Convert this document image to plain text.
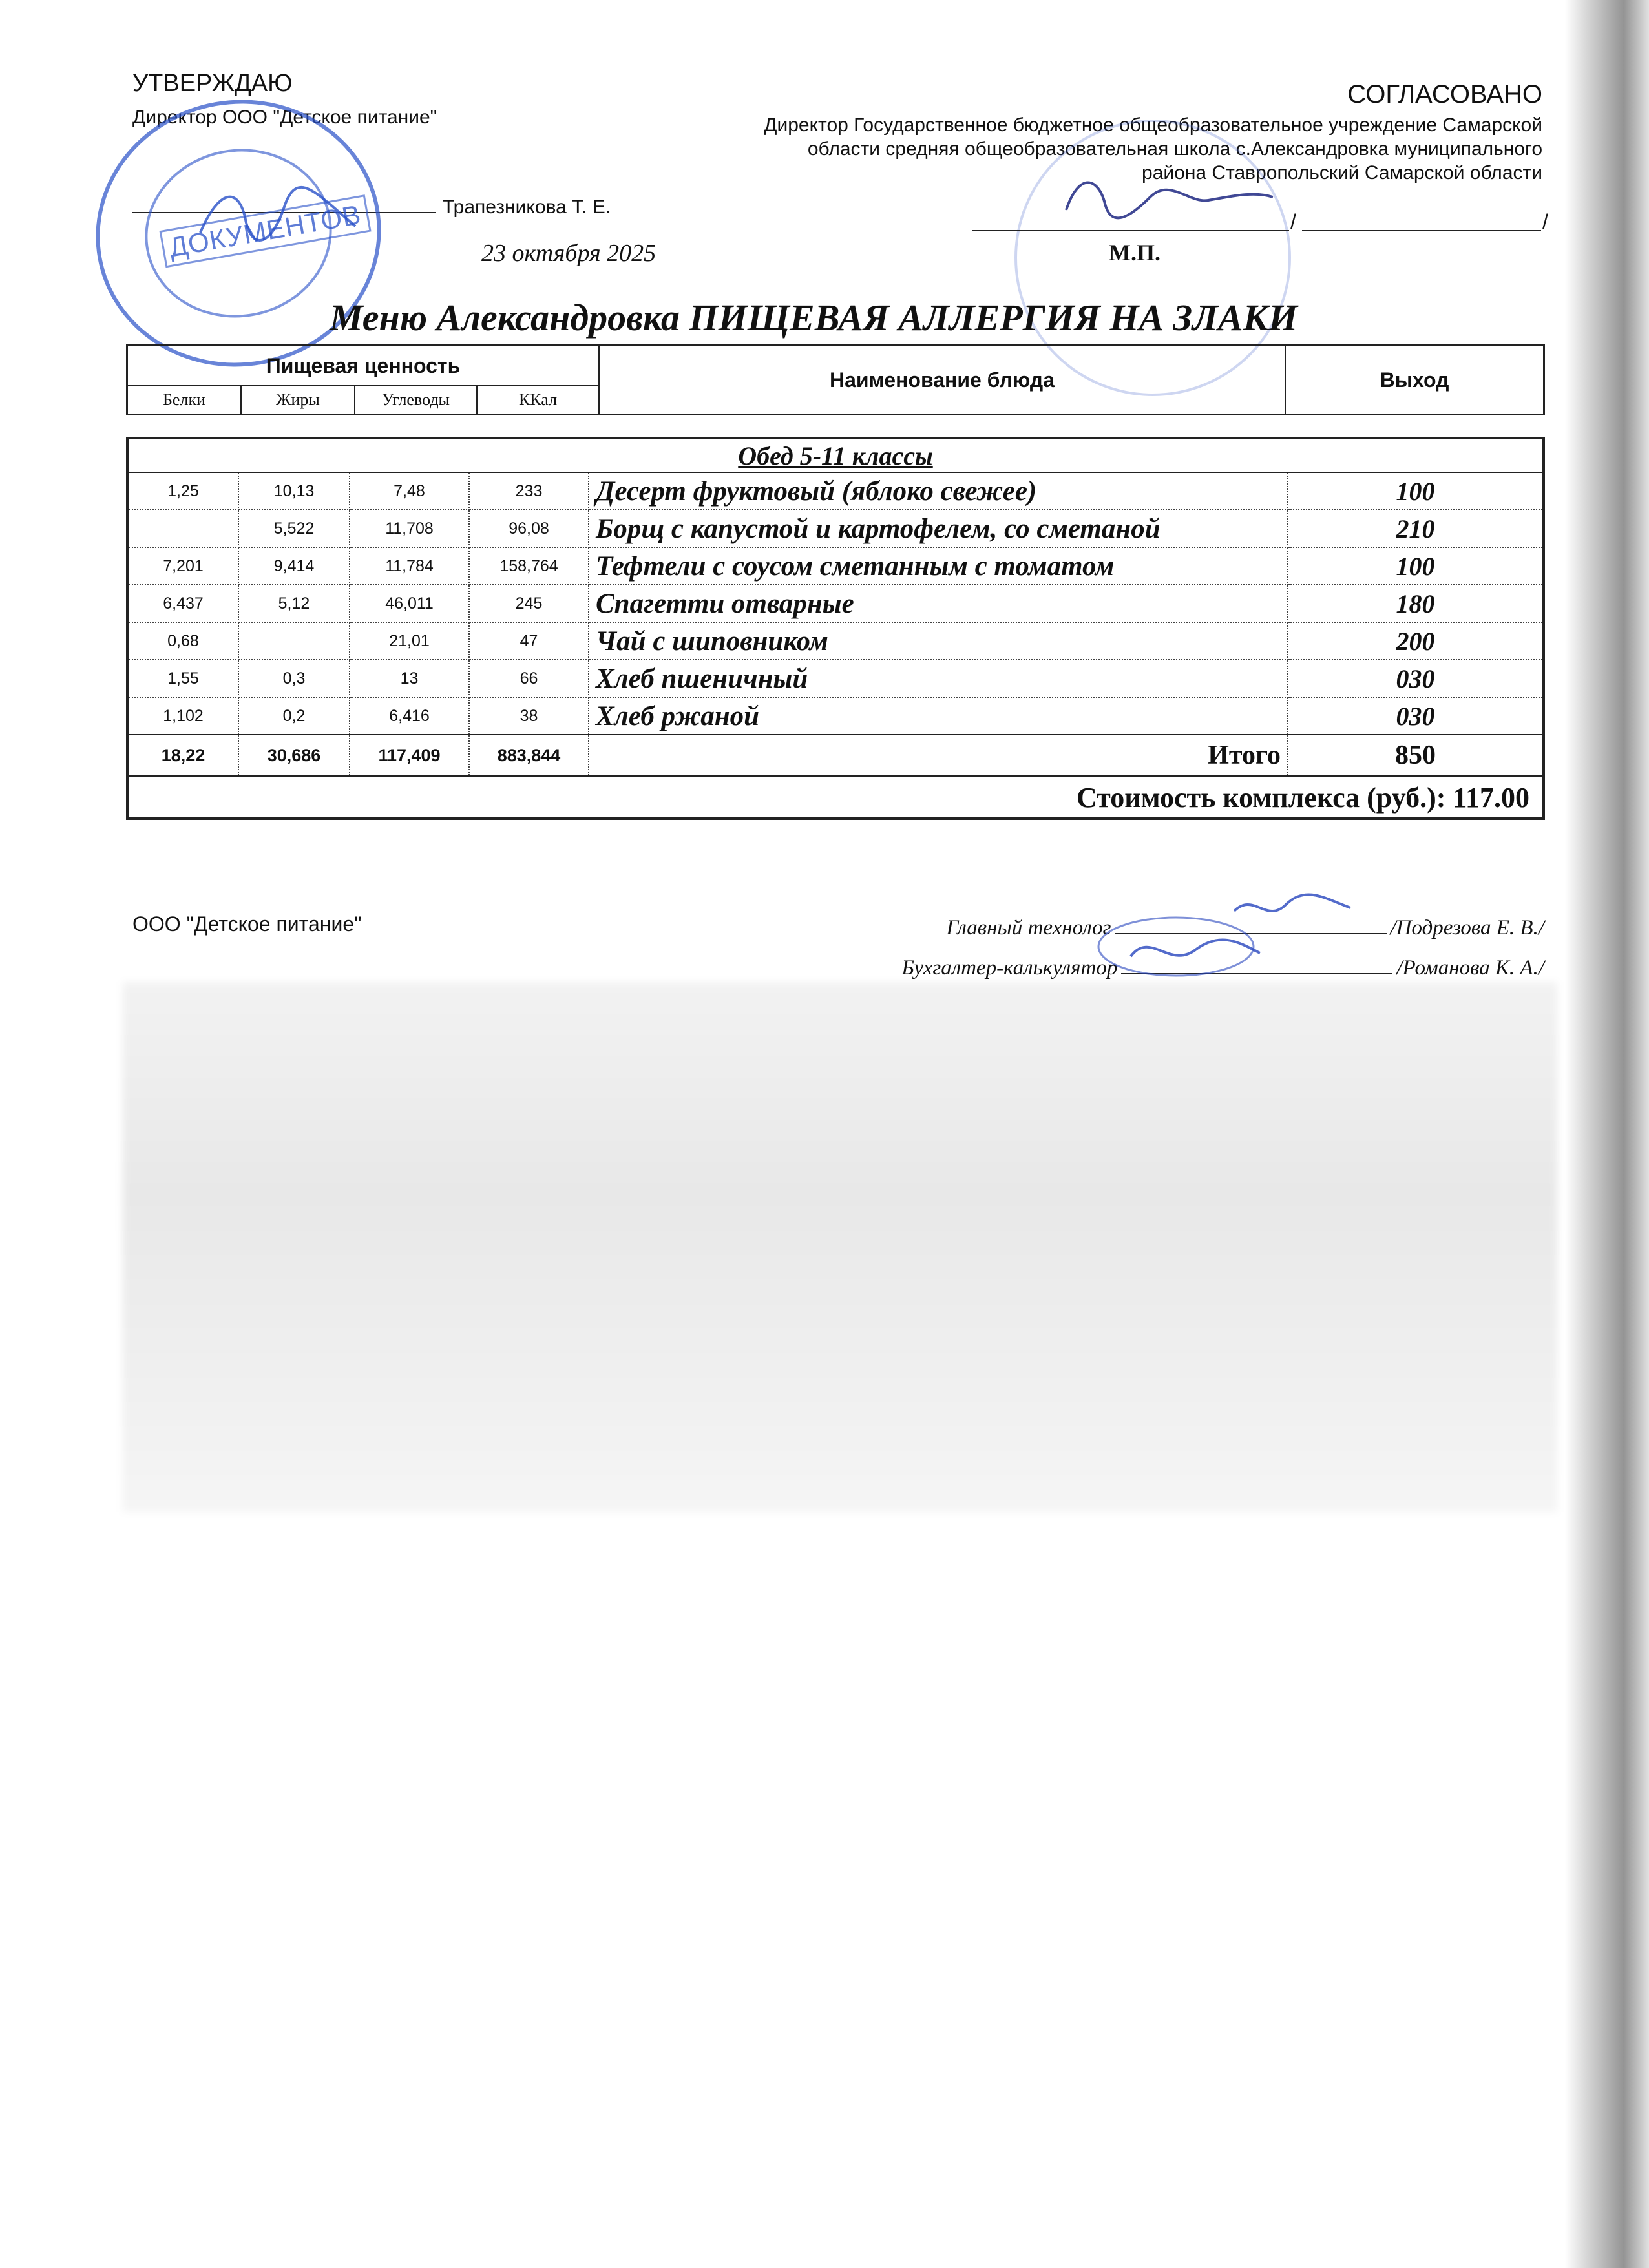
УТВЕРЖДАЮ
Директор ООО "Детское питание"
Трапезникова Т. Е.
23 октября 2025
ДОКУМЕНТОВ
СОГЛАСОВАНО
Директор Государственное бюджетное общеобразовательное учреждение Самарской
области средняя общеобразовательная школа с.Александровка муниципального
района Ставропольский Самарской области
/	/
М.П.
Меню Александровка ПИЩЕВАЯ АЛЛЕРГИЯ НА ЗЛАКИ
Пищевая ценность				Наименование блюда	Выход
Белки	Жиры	Углеводы	ККал		
Обед 5-11 классы					
1,25	10,13	7,48	233	Десерт фруктовый (яблоко свежее)	100
	5,522	11,708	96,08	Борщ с капустой и картофелем, со сметаной	210
7,201	9,414	11,784	158,764	Тефтели с соусом сметанным с томатом	100
6,437	5,12	46,011	245	Спагетти отварные	180
0,68		21,01	47	Чай с шиповником	200
1,55	0,3	13	66	Хлеб пшеничный	030
1,102	0,2	6,416	38	Хлеб ржаной	030
18,22	30,686	117,409	883,844	Итого	850
Стоимость комплекса (руб.): 117.00					
ООО "Детское питание"	Главный технолог	/Подрезова Е. В./
Бухгалтер-калькулятор	/Романова К. А./
